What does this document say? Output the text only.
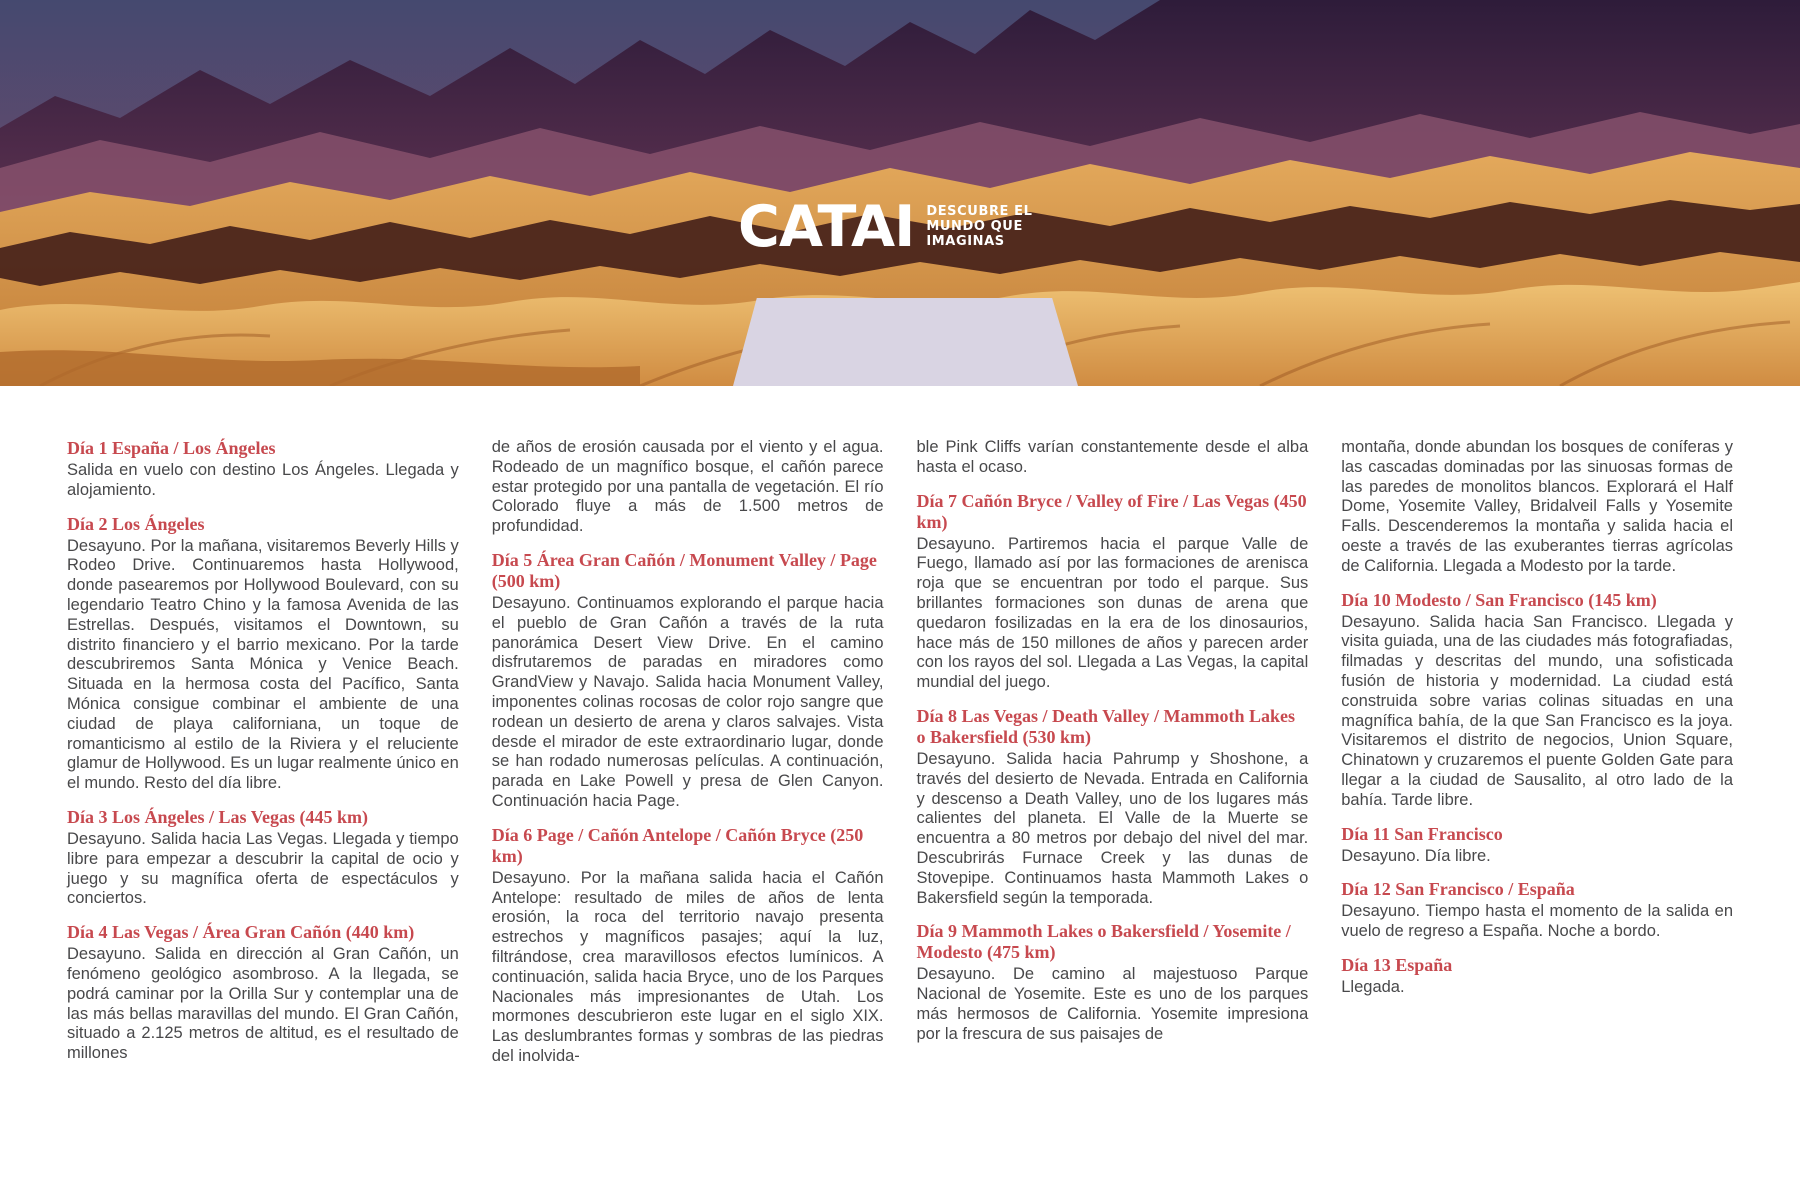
CATAI DESCUBRE EL
MUNDO QUE
IMAGINAS
Día 1 España / Los Ángeles

Salida en vuelo con destino Los Ángeles. Llegada y alojamiento.

Día 2 Los Ángeles

Desayuno. Por la mañana, visitaremos Beverly Hills y Rodeo Drive. Continuaremos hasta Hollywood, donde pasearemos por Hollywood Boulevard, con su legendario Teatro Chino y la famosa Avenida de las Estrellas. Después, visitamos el Downtown, su distrito financiero y el barrio mexicano. Por la tarde descubriremos Santa Mónica y Venice Beach. Situada en la hermosa costa del Pacífico, Santa Mónica consigue combinar el ambiente de una ciudad de playa californiana, un toque de romanticismo al estilo de la Riviera y el reluciente glamur de Hollywood. Es un lugar realmente único en el mundo. Resto del día libre.

Día 3 Los Ángeles / Las Vegas (445 km)

Desayuno. Salida hacia Las Vegas. Llegada y tiempo libre para empezar a descubrir la capital de ocio y juego y su magnífica oferta de espectáculos y conciertos.

Día 4 Las Vegas / Área Gran Cañón (440 km)

Desayuno. Salida en dirección al Gran Cañón, un fenómeno geológico asombroso. A la llegada, se podrá caminar por la Orilla Sur y contemplar una de las más bellas maravillas del mundo. El Gran Cañón, situado a 2.125 metros de altitud, es el resultado de millones

de años de erosión causada por el viento y el agua. Rodeado de un magnífico bosque, el cañón parece estar protegido por una pantalla de vegetación. El río Colorado fluye a más de 1.500 metros de profundidad.

Día 5 Área Gran Cañón / Monument Valley / Page (500 km)

Desayuno. Continuamos explorando el parque hacia el pueblo de Gran Cañón a través de la ruta panorámica Desert View Drive. En el camino disfrutaremos de paradas en miradores como GrandView y Navajo. Salida hacia Monument Valley, imponentes colinas rocosas de color rojo sangre que rodean un desierto de arena y claros salvajes. Vista desde el mirador de este extraordinario lugar, donde se han rodado numerosas películas. A continuación, parada en Lake Powell y presa de Glen Canyon. Continuación hacia Page.

Día 6 Page / Cañón Antelope / Cañón Bryce (250 km)

Desayuno. Por la mañana salida hacia el Cañón Antelope: resultado de miles de años de lenta erosión, la roca del territorio navajo presenta estrechos y magníficos pasajes; aquí la luz, filtrándose, crea maravillosos efectos lumínicos. A continuación, salida hacia Bryce, uno de los Parques Nacionales más impresionantes de Utah. Los mormones descubrieron este lugar en el siglo XIX. Las deslumbrantes formas y sombras de las piedras del inolvida-

ble Pink Cliffs varían constantemente desde el alba hasta el ocaso.

Día 7 Cañón Bryce / Valley of Fire / Las Vegas (450 km)

Desayuno. Partiremos hacia el parque Valle de Fuego, llamado así por las formaciones de arenisca roja que se encuentran por todo el parque. Sus brillantes formaciones son dunas de arena que quedaron fosilizadas en la era de los dinosaurios, hace más de 150 millones de años y parecen arder con los rayos del sol. Llegada a Las Vegas, la capital mundial del juego.

Día 8 Las Vegas / Death Valley / Mammoth Lakes o Bakersfield (530 km)

Desayuno. Salida hacia Pahrump y Shoshone, a través del desierto de Nevada. Entrada en California y descenso a Death Valley, uno de los lugares más calientes del planeta. El Valle de la Muerte se encuentra a 80 metros por debajo del nivel del mar. Descubrirás Furnace Creek y las dunas de Stovepipe. Continuamos hasta Mammoth Lakes o Bakersfield según la temporada.

Día 9 Mammoth Lakes o Bakersfield / Yosemite / Modesto (475 km)

Desayuno. De camino al majestuoso Parque Nacional de Yosemite. Este es uno de los parques más hermosos de California. Yosemite impresiona por la frescura de sus paisajes de

montaña, donde abundan los bosques de coníferas y las cascadas dominadas por las sinuosas formas de las paredes de monolitos blancos. Explorará el Half Dome, Yosemite Valley, Bridalveil Falls y Yosemite Falls. Descenderemos la montaña y salida hacia el oeste a través de las exuberantes tierras agrícolas de California. Llegada a Modesto por la tarde.

Día 10 Modesto / San Francisco (145 km)

Desayuno. Salida hacia San Francisco. Llegada y visita guiada, una de las ciudades más fotografiadas, filmadas y descritas del mundo, una sofisticada fusión de historia y modernidad. La ciudad está construida sobre varias colinas situadas en una magnífica bahía, de la que San Francisco es la joya. Visitaremos el distrito de negocios, Union Square, Chinatown y cruzaremos el puente Golden Gate para llegar a la ciudad de Sausalito, al otro lado de la bahía. Tarde libre.

Día 11 San Francisco

Desayuno. Día libre.

Día 12 San Francisco / España

Desayuno. Tiempo hasta el momento de la salida en vuelo de regreso a España. Noche a bordo.

Día 13 España

Llegada.
